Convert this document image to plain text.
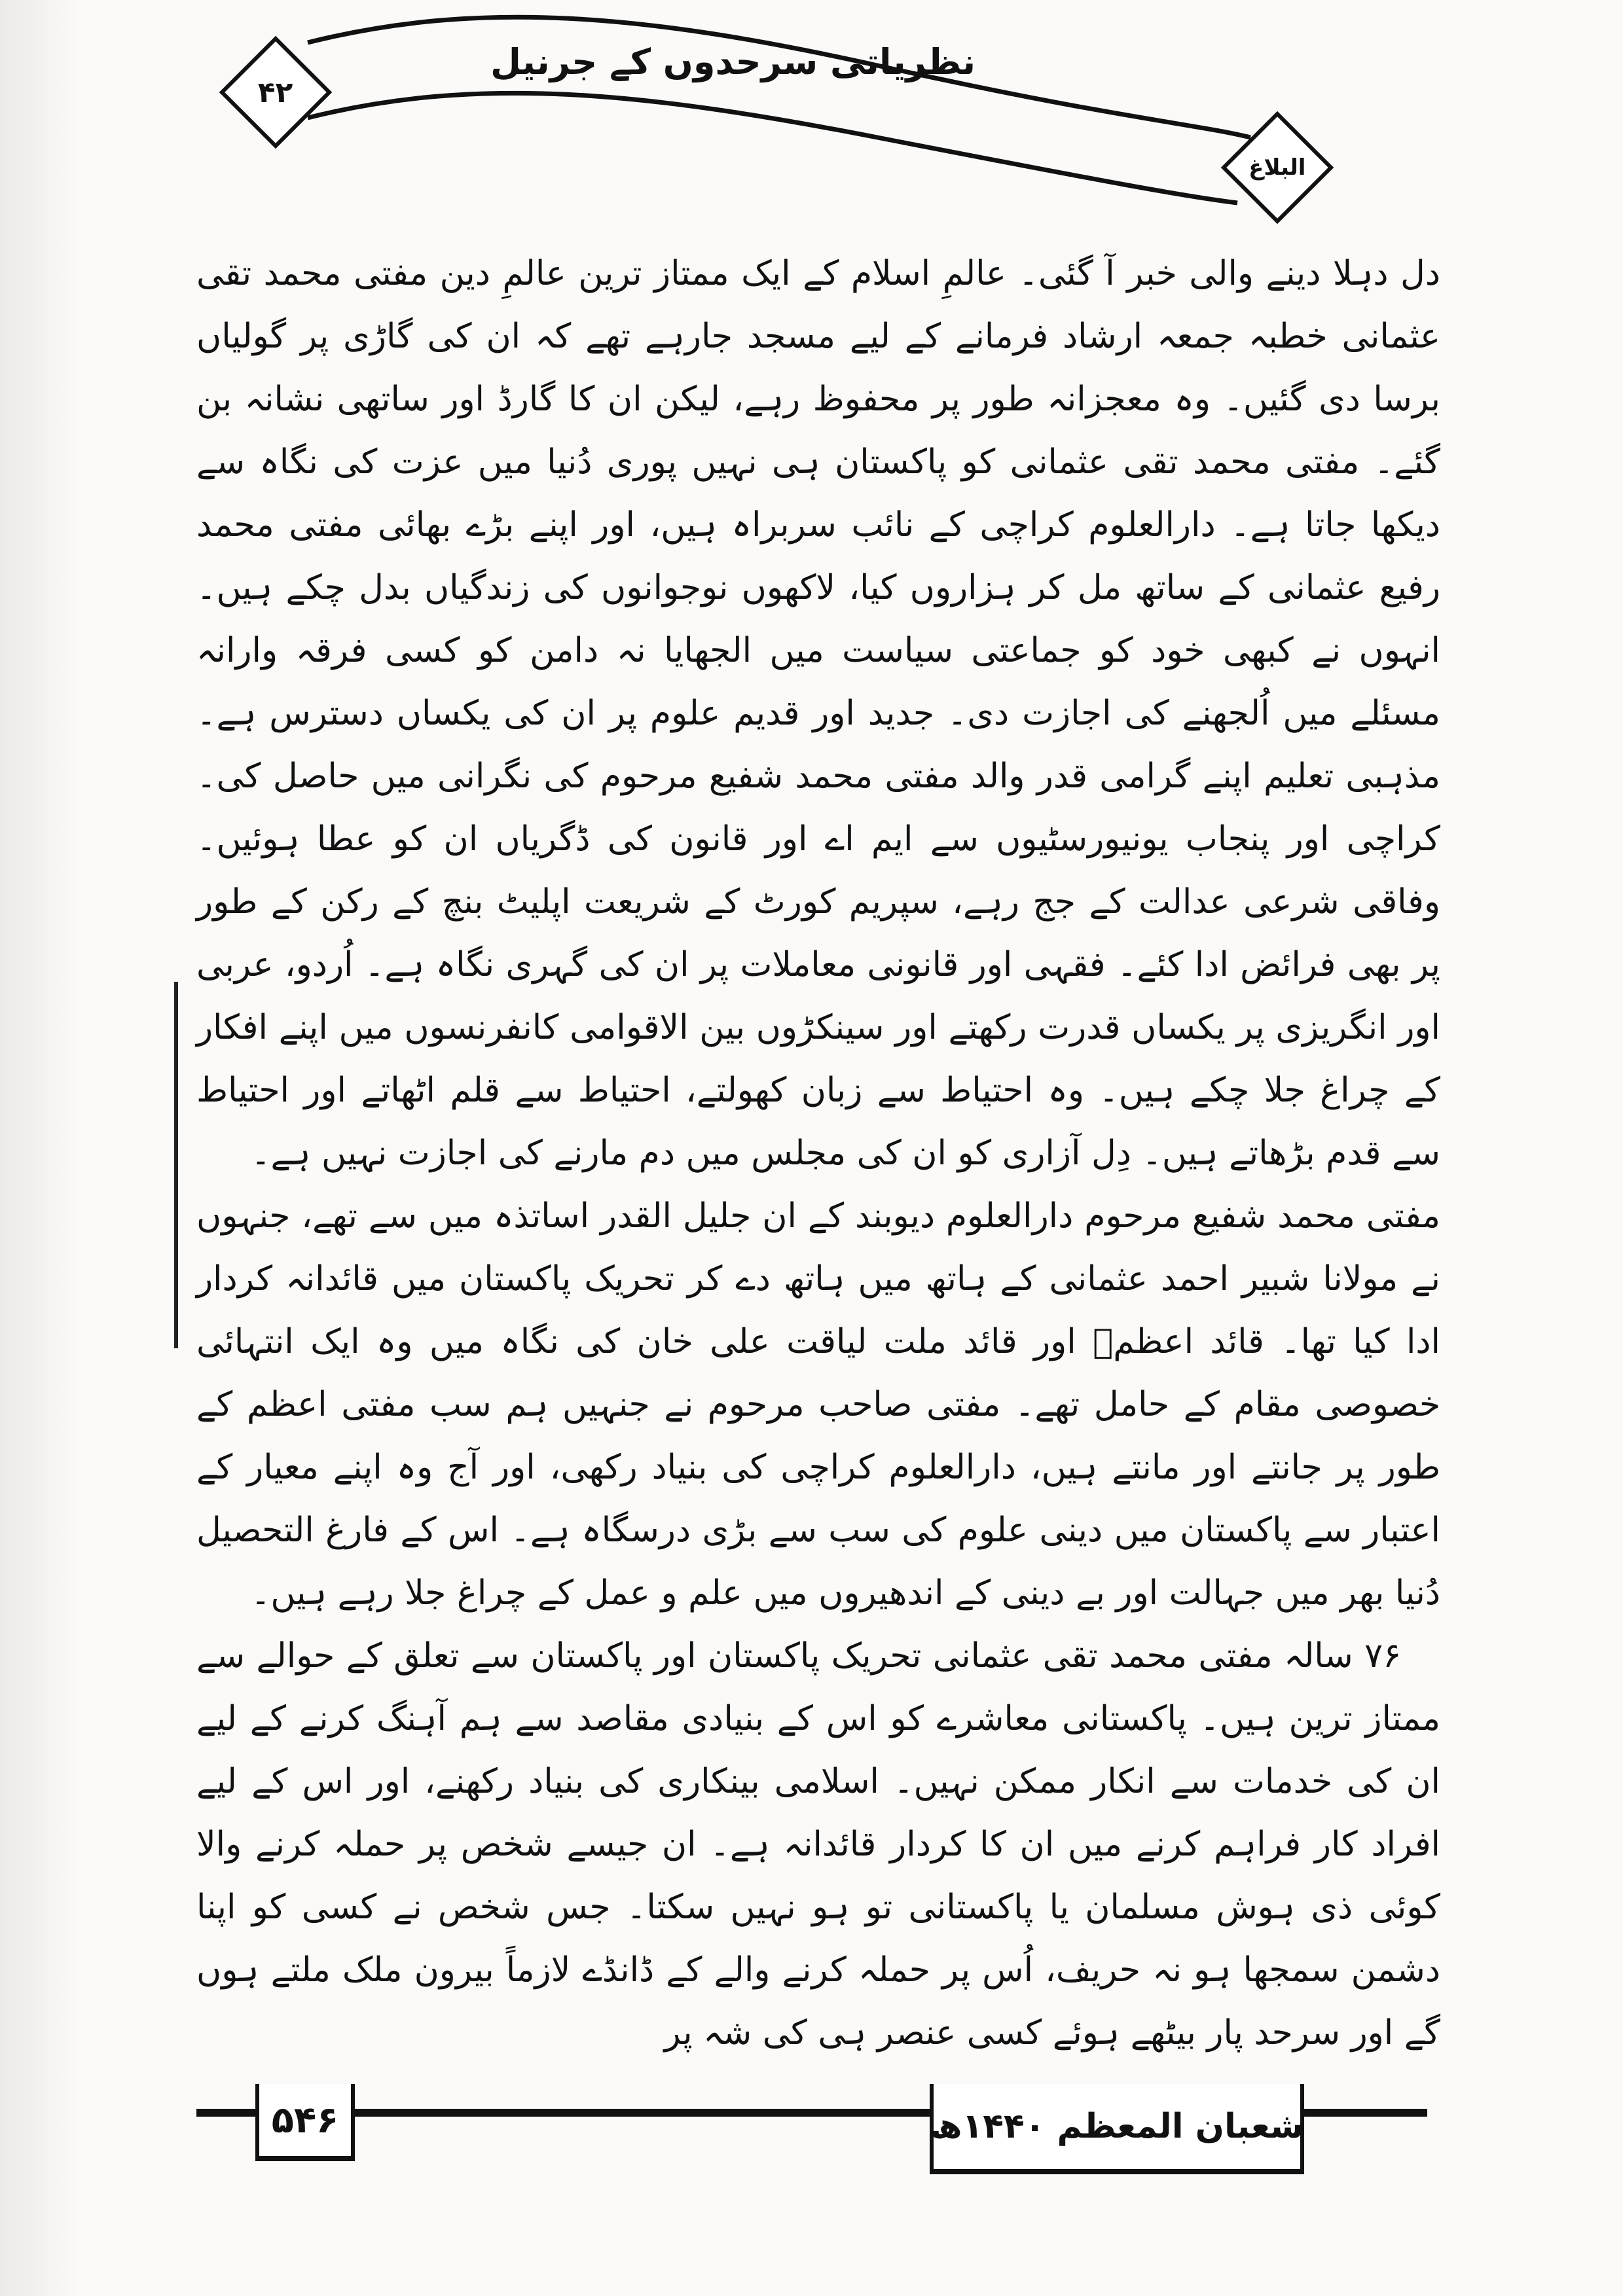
نظریاتی سرحدوں کے جرنیل
۴۲
البلاغ

دل دہلا دینے والی خبر آ گئی۔ عالمِ اسلام کے ایک ممتاز ترین عالمِ دین مفتی محمد تقی عثمانی خطبہ جمعہ ارشاد فرمانے کے لیے مسجد جارہے تھے کہ ان کی گاڑی پر گولیاں برسا دی گئیں۔ وہ معجزانہ طور پر محفوظ رہے، لیکن ان کا گارڈ اور ساتھی نشانہ بن گئے۔ مفتی محمد تقی عثمانی کو پاکستان ہی نہیں پوری دُنیا میں عزت کی نگاہ سے دیکھا جاتا ہے۔ دارالعلوم کراچی کے نائب سربراہ ہیں، اور اپنے بڑے بھائی مفتی محمد رفیع عثمانی کے ساتھ مل کر ہزاروں کیا، لاکھوں نوجوانوں کی زندگیاں بدل چکے ہیں۔ انہوں نے کبھی خود کو جماعتی سیاست میں الجھایا نہ دامن کو کسی فرقہ وارانہ مسئلے میں اُلجھنے کی اجازت دی۔ جدید اور قدیم علوم پر ان کی یکساں دسترس ہے۔ مذہبی تعلیم اپنے گرامی قدر والد مفتی محمد شفیع مرحوم کی نگرانی میں حاصل کی۔ کراچی اور پنجاب یونیورسٹیوں سے ایم اے اور قانون کی ڈگریاں ان کو عطا ہوئیں۔ وفاقی شرعی عدالت کے جج رہے، سپریم کورٹ کے شریعت اپلیٹ بنچ کے رکن کے طور پر بھی فرائض ادا کئے۔ فقہی اور قانونی معاملات پر ان کی گہری نگاہ ہے۔ اُردو، عربی اور انگریزی پر یکساں قدرت رکھتے اور سینکڑوں بین الاقوامی کانفرنسوں میں اپنے افکار کے چراغ جلا چکے ہیں۔ وہ احتیاط سے زبان کھولتے، احتیاط سے قلم اٹھاتے اور احتیاط سے قدم بڑھاتے ہیں۔ دِل آزاری کو ان کی مجلس میں دم مارنے کی اجازت نہیں ہے۔

مفتی محمد شفیع مرحوم دارالعلوم دیوبند کے ان جلیل القدر اساتذہ میں سے تھے، جنہوں نے مولانا شبیر احمد عثمانی کے ہاتھ میں ہاتھ دے کر تحریک پاکستان میں قائدانہ کردار ادا کیا تھا۔ قائد اعظمؒ اور قائد ملت لیاقت علی خان کی نگاہ میں وہ ایک انتہائی خصوصی مقام کے حامل تھے۔ مفتی صاحب مرحوم نے جنہیں ہم سب مفتی اعظم کے طور پر جانتے اور مانتے ہیں، دارالعلوم کراچی کی بنیاد رکھی، اور آج وہ اپنے معیار کے اعتبار سے پاکستان میں دینی علوم کی سب سے بڑی درسگاہ ہے۔ اس کے فارغ التحصیل دُنیا بھر میں جہالت اور بے دینی کے اندھیروں میں علم و عمل کے چراغ جلا رہے ہیں۔

۷۶ سالہ مفتی محمد تقی عثمانی تحریک پاکستان اور پاکستان سے تعلق کے حوالے سے ممتاز ترین ہیں۔ پاکستانی معاشرے کو اس کے بنیادی مقاصد سے ہم آہنگ کرنے کے لیے ان کی خدمات سے انکار ممکن نہیں۔ اسلامی بینکاری کی بنیاد رکھنے، اور اس کے لیے افراد کار فراہم کرنے میں ان کا کردار قائدانہ ہے۔ ان جیسے شخص پر حملہ کرنے والا کوئی ذی ہوش مسلمان یا پاکستانی تو ہو نہیں سکتا۔ جس شخص نے کسی کو اپنا دشمن سمجھا ہو نہ حریف، اُس پر حملہ کرنے والے کے ڈانڈے لازماً بیرون ملک ملتے ہوں گے اور سرحد پار بیٹھے ہوئے کسی عنصر ہی کی شہ پر

۵۴۶	شعبان المعظم ۱۴۴۰ھ
